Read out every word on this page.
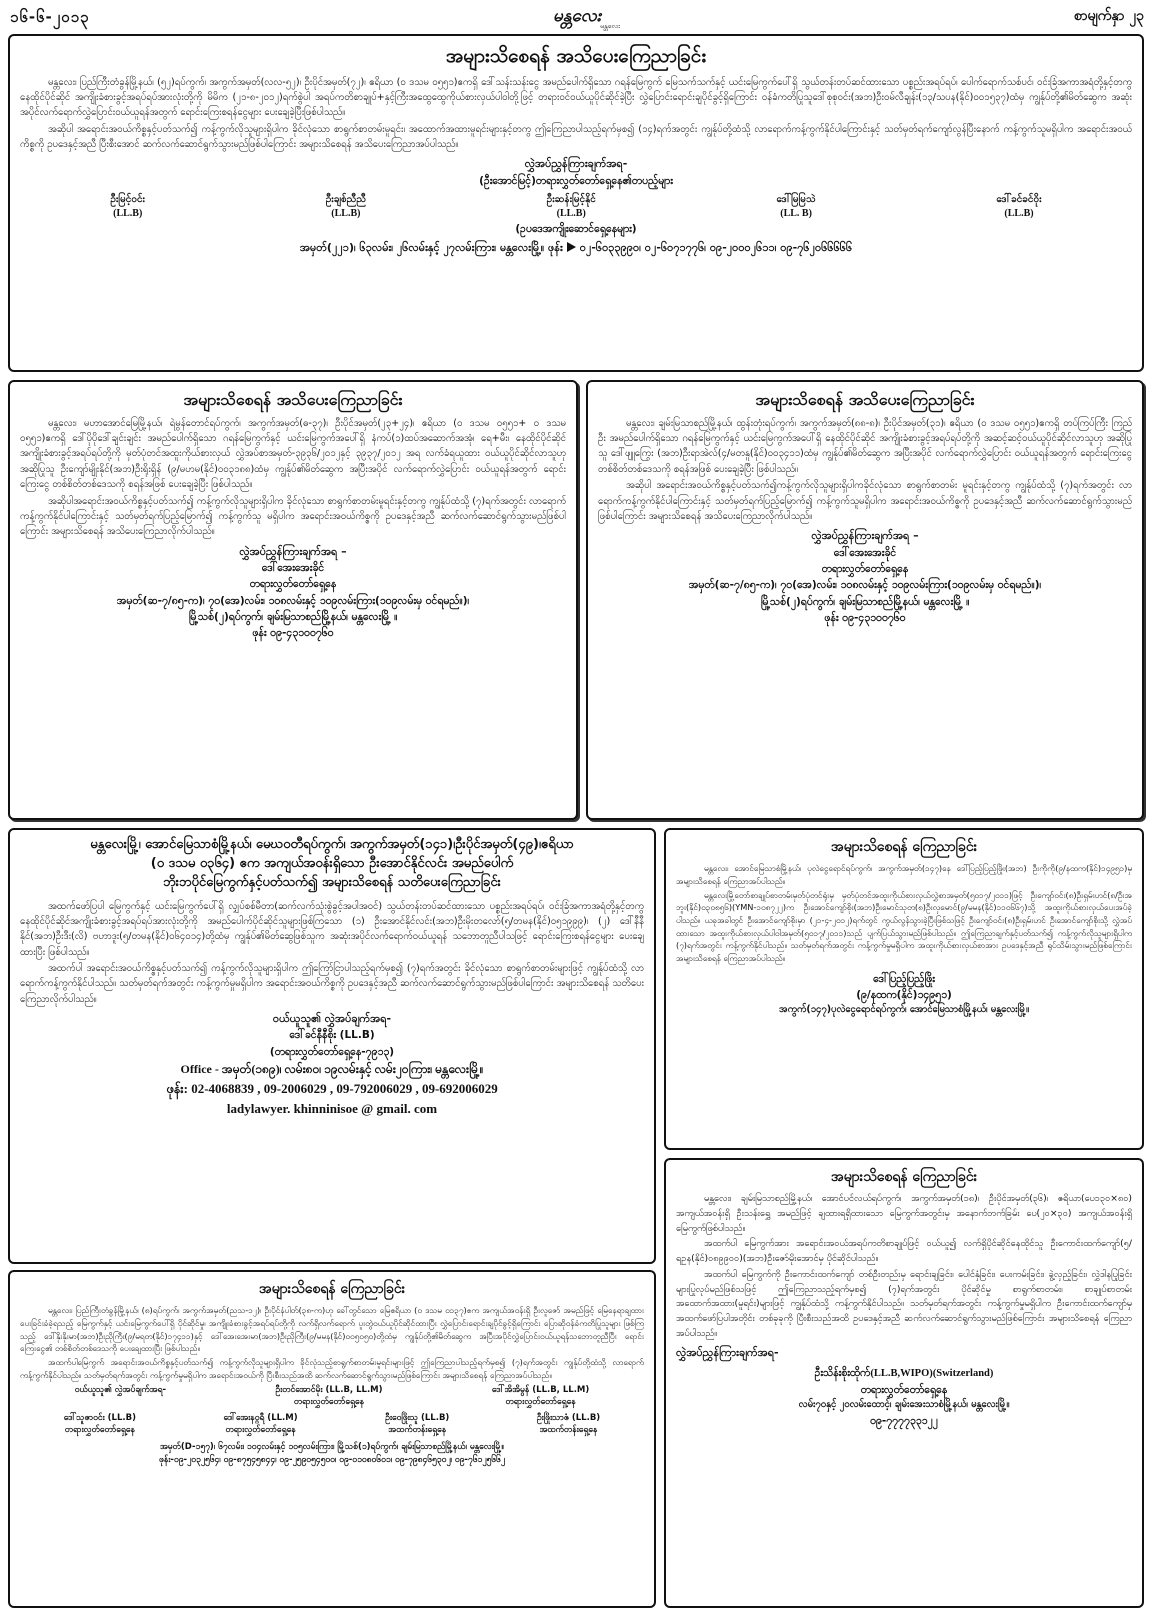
၁၆-၆-၂၀၁၃	မန္တလေး မန္တလေး
စာမျက်နှာ ၂၃
အများသိစေရန် အသိပေးကြေညာခြင်း

မန္တလေး၊ ပြည်ကြီးတံခွန်မြို့နယ်၊ (၅၂)ရပ်ကွက်၊ အကွက်အမှတ်(လလ-၅၂)၊ ဦးပိုင်အမှတ်(၇၂)၊ ဧရိယာ (၀ ဒသမ ၀၅၅၁)ဧကရှိ ဒေါ်သန်းသန်းငွေ အမည်ပေါက်ရှိသော ဂရန်မြေကွက် မြေသက်သက်နှင့် ယင်းမြေကွက်ပေါ်ရှိ သွယ်တန်းတပ်ဆင်ထားသော ပစ္စည်းအရပ်ရပ်၊ ပေါက်ရောက်သစ်ပင်၊ ဝင်းခြံအကာအရံတို့နှင့်တကွ နေထိုင်ပိုင်ဆိုင် အကျိုးခံစားခွင့်အရပ်ရပ်အားလုံးတို့ကို မိမိက (၂၁-၈-၂၀၁၂)ရက်စွဲပါ အရပ်ကတိစာချုပ်+နှင့်ကြီးအထွေထွေကိုယ်စားလှယ်ပါဝါတို့ဖြင့် တရားဝင်ဝယ်ယူပိုင်ဆိုင်ခဲ့ပြီး လွှဲပြောင်းရောင်းချပိုင်ခွင့်ရှိကြောင်း ဝန်ခံကတိပြုသူဒေါ်စုစုဝင်း(အဘ)ဦးဝမ်လီချန်း(၁၃/သပန(နိုင်)၀၀၁၅၃၇)ထံမှ ကျွန်ုပ်တို့၏မိတ်ဆွေက အဆုံးအပိုင်လက်ရောက်လွှဲပြောင်းဝယ်ယူရန်အတွက် ရောင်းကြေးစရန်ငွေများ ပေးချေခဲ့ပြီးဖြစ်ပါသည်။

အဆိုပါ အရောင်းအဝယ်ကိစ္စနှင့်ပတ်သက်၍ ကန့်ကွက်လိုသူများရှိပါက ခိုင်လုံသော စာရွက်စာတမ်းမူရင်း၊ အထောက်အထားမူရင်းများနှင့်တကွ ဤကြေညာပါသည့်ရက်မှစ၍ (၁၄)ရက်အတွင်း ကျွန်ုပ်တို့ထံသို့ လာရောက်ကန့်ကွက်နိုင်ပါကြောင်းနှင့် သတ်မှတ်ရက်ကျော်လွန်ပြီးနောက် ကန့်ကွက်သူမရှိပါက အရောင်းအဝယ်ကိစ္စကို ဥပဒေနှင့်အညီ ပြီးစီးအောင် ဆက်လက်ဆောင်ရွက်သွားမည်ဖြစ်ပါကြောင်း အများသိစေရန် အသိပေးကြေညာအပ်ပါသည်။

လွှဲအပ်ညွှန်ကြားချက်အရ-
(ဦးအောင်မြင့်)တရားလွှတ်တော်ရှေ့နေ၏တပည့်များ
ဦးမြင့်ဝင်း
(LL.B)
ဦးချစ်ညီညီ
(LL.B)
ဦးဆန်းမြင့်နိုင်
(LL.B)
ဒေါ်မြမြသဲ
(LL. B)
ဒေါ်ခင်ခင်ဝိုး
(LL.B)
(ဥပဒေအကျိုးဆောင်ရှေ့နေများ)
အမှတ်(၂၂၁)၊ ၆၃လမ်း၊ ၂၆လမ်းနှင့် ၂၇လမ်းကြား၊ မန္တလေးမြို့။ ဖုန်း ၀၂-၆၀၃၃၉၉၀၊ ၀၂-၆၀၇၁၇၇၆၊ ၀၉-၂၀၀၀၂၆၁၁၊ ၀၉-၇၆၂၀၆၆၆၆၆
အများသိစေရန် အသိပေးကြေညာခြင်း

မန္တလေး၊ မဟာအောင်မြေမြို့နယ်၊ ရဲမွန်တောင်ရပ်ကွက်၊ အကွက်အမှတ်(ဓ-၃၇)၊ ဦးပိုင်အမှတ်(၂၃+၂၄)၊ ဧရိယာ (၀ ဒသမ ၀၅၅၁+ ၀ ဒသမ ၀၅၅၁)ဧကရှိ ဒေါ်ပိုပိုဒေါ်ချင်းချင်း အမည်ပေါက်ရှိသော ဂရန်မြေကွက်နှင့် ယင်းမြေကွက်အပေါ်ရှိ နံကပ်(၁)ထပ်အဆောက်အအုံ၊ ရေ+မီး၊ နေထိုင်ပိုင်ဆိုင် အကျိုးခံစားခွင့်အရပ်ရပ်တို့ကို မှတ်ပုံတင်အထူးကိုယ်စားလှယ် လွှဲအပ်စာအမှတ်-၃၉၃၆/၂၀၁၂နှင့် ၃၉၃၇/၂၀၁၂ အရ လက်ခံရယူထား ဝယ်ယူပိုင်ဆိုင်လာသူဟု အဆိုပြုသူ ဦးကျော်မျိုးနိုင်(အဘ)ဦးရိုးရှိန် (၉/မဟမ(နိုင်)၀၀၃၁၈၈)ထံမှ ကျွန်ုပ်၏မိတ်ဆွေက အပြီးအပိုင် လက်ရောက်လွှဲပြောင်း ဝယ်ယူရန်အတွက် ရောင်းကြေးငွေ တစ်စိတ်တစ်ဒေသကို စရန်အဖြစ် ပေးချေခဲ့ပြီး ဖြစ်ပါသည်။

အဆိုပါအရောင်းအဝယ်ကိစ္စနှင့်ပတ်သက်၍ ကန့်ကွက်လိုသူများရှိပါက ခိုင်လုံသော စာရွက်စာတမ်းမူရင်းနှင့်တကွ ကျွန်ုပ်ထံသို့ (၇)ရက်အတွင်း လာရောက်ကန့်ကွက်နိုင်ပါကြောင်းနှင့် သတ်မှတ်ရက်ပြည့်မြောက်၍ ကန့်ကွက်သူ မရှိပါက အရောင်းအဝယ်ကိစ္စကို ဥပဒေနှင့်အညီ ဆက်လက်ဆောင်ရွက်သွားမည်ဖြစ်ပါကြောင်း အများသိစေရန် အသိပေးကြေညာလိုက်ပါသည်။

လွှဲအပ်ညွှန်ကြားချက်အရ –
ဒေါ်အေးအေးခိုင်
တရားလွှတ်တော်ရှေ့နေ
အမှတ်(ဆ-၇/၈၅-က)၊ ၇၀(အေ)လမ်း၊ ၁၀၈လမ်းနှင့် ၁၀၉လမ်းကြား(၁၀၉လမ်းမှ ဝင်ရမည်။)၊
မြို့သစ်(၂)ရပ်ကွက်၊ ချမ်းမြသာစည်မြို့နယ်၊ မန္တလေးမြို့ ။
ဖုန်း ၀၉-၄၃၁၀၀၇၆၀
အများသိစေရန် အသိပေးကြေညာခြင်း

မန္တလေး၊ ချမ်းမြသာစည်မြို့နယ်၊ ထွန်းတုံးရပ်ကွက်၊ အကွက်အမှတ်(၈၈-၈)၊ ဦးပိုင်အမှတ်(၃၁)၊ ဧရိယာ (၀ ဒသမ ၀၅၅၁)ဧကရှိ တပ်ကြပ်ကြီး ကြည်ဦး အမည်ပေါက်ရှိသော ဂရန်မြေကွက်နှင့် ယင်းမြေကွက်အပေါ်ရှိ နေထိုင်ပိုင်ဆိုင် အကျိုးခံစားခွင့်အရပ်ရပ်တို့ကို အဆင့်ဆင့်ဝယ်ယူပိုင်ဆိုင်လာသူဟု အဆိုပြုသူ ဒေါ်ဖျူကြွေး (အဘ)ဦးရာအဲလ်(၄/မတနူ(နိုင်)၀၀၃၄၁၁)ထံမှ ကျွန်ုပ်၏မိတ်ဆွေက အပြီးအပိုင် လက်ရောက်လွှဲပြောင်း ဝယ်ယူရန်အတွက် ရောင်းကြေးငွေ တစ်စိတ်တစ်ဒေသကို စရန်အဖြစ် ပေးချေခဲ့ပြီး ဖြစ်ပါသည်။

အဆိုပါ အရောင်းအဝယ်ကိစ္စနှင့်ပတ်သက်၍ကန့်ကွက်လိုသူများရှိပါကခိုင်လုံသော စာရွက်စာတမ်း မူရင်းနှင့်တကွ ကျွန်ုပ်ထံသို့ (၇)ရက်အတွင်း လာရောက်ကန့်ကွက်နိုင်ပါကြောင်းနှင့် သတ်မှတ်ရက်ပြည့်မြောက်၍ ကန့်ကွက်သူမရှိပါက အရောင်းအဝယ်ကိစ္စကို ဥပဒေနှင့်အညီ ဆက်လက်ဆောင်ရွက်သွားမည် ဖြစ်ပါကြောင်း အများသိစေရန် အသိပေးကြေညာလိုက်ပါသည်။

လွှဲအပ်ညွှန်ကြားချက်အရ –
ဒေါ်အေးအေးခိုင်
တရားလွှတ်တော်ရှေ့နေ
အမှတ်(ဆ-၇/၈၅-က)၊ ၇၀(အေ)လမ်း၊ ၁၀၈လမ်းနှင့် ၁၀၉လမ်းကြား(၁၀၉လမ်းမှ ဝင်ရမည်။)၊
မြို့သစ်(၂)ရပ်ကွက်၊ ချမ်းမြသာစည်မြို့နယ်၊ မန္တလေးမြို့ ။
ဖုန်း ၀၉-၄၃၁၀၀၇၆၀
မန္တလေးမြို့၊ အောင်မြေသာစံမြို့နယ်၊ မေဃဝတီရပ်ကွက်၊ အကွက်အမှတ်(၁၄၁)၊ဦးပိုင်အမှတ်(၄၉)၊ဧရိယာ
(၀ ဒသမ ၀၃၆၄) ဧက အကျယ်အဝန်းရှိသော ဦးအောင်နိုင်လင်း အမည်ပေါက်
ဘိုးဘပိုင်မြေကွက်နှင့်ပတ်သက်၍ အများသိစေရန် သတိပေးကြေညာခြင်း

အထက်ဖော်ပြပါ မြေကွက်နှင့် ယင်းမြေကွက်ပေါ်ရှိ လျှပ်စစ်မီတာ(ဆက်လက်သုံးစွဲခွင့်အပါအဝင်) သွယ်တန်းတပ်ဆင်ထားသော ပစ္စည်းအရပ်ရပ်၊ ဝင်းခြံအကာအရံတို့နှင့်တကွ နေထိုင်ပိုင်ဆိုင်အကျိုးခံစားခွင့်အရပ်ရပ်အားလုံးတို့ကို အမည်ပေါက်ပိုင်ဆိုင်သူများဖြစ်ကြသော (၁) ဦးအောင်နိုင်လင်း(အဘ)ဦးမိုးတလော်(၅/တမန(နိုင်)၀၅၁၉၉၉)၊ (၂) ဒေါ်နီနီနိုင်(အဘ)ဦးဒီး(လိ) ဗဟာဒူး(၅/တမန(နိုင်)၀၆၄၀၁၄)တို့ထံမှ ကျွန်ုပ်၏မိတ်ဆွေဖြစ်သူက အဆုံးအပိုင်လက်ရောက်ဝယ်ယူရန် သဘောတူညီပါသဖြင့် ရောင်းကြေးစရန်ငွေများ ပေးချေထားပြီး ဖြစ်ပါသည်။

အထက်ပါ အရောင်းအဝယ်ကိစ္စနှင့်ပတ်သက်၍ ကန့်ကွက်လိုသူများရှိပါက ဤကြော်ငြာပါသည့်ရက်မှစ၍ (၇)ရက်အတွင်း ခိုင်လုံသော စာရွက်စာတမ်းများဖြင့် ကျွန်ုပ်ထံသို့ လာရောက်ကန့်ကွက်နိုင်ပါသည်။ သတ်မှတ်ရက်အတွင်း ကန့်ကွက်မှုမရှိပါက အရောင်းအဝယ်ကိစ္စကို ဥပဒေနှင့်အညီ ဆက်လက်ဆောင်ရွက်သွားမည်ဖြစ်ပါကြောင်း အများသိစေရန် သတိပေးကြေညာလိုက်ပါသည်။

ဝယ်ယူသူ၏ လွှဲအပ်ချက်အရ-
ဒေါ်ခင်နီနီစိုး (LL.B)
(တရားလွှတ်တော်ရှေ့နေ-၇၉၁၃)
Office - အမှတ်(၁၈၉)၊ လမ်း၈၀၊ ၁၉လမ်းနှင့် လမ်း၂၀ကြား၊ မန္တလေးမြို့။
ဖုန်း: 02-4068839 , 09-2006029 , 09-792006029 , 09-692006029
ladylawyer. khinninisoe @ gmail. com
အများသိစေရန် ကြေညာခြင်း

မန္တလေး၊ ပြည်ကြီးတံခွန်မြို့နယ်၊ (၈)ရပ်ကွက်၊ အကွက်အမှတ်(ညသ-၁၂)၊ ဦးပိုင်နံပါတ်(၃၈-က)ဟု ခေါ်တွင်သော မြေဧရိယာ (၀ ဒသမ ၀၁၃၇)ဧက အကျယ်အဝန်းရှိ ဦးလူဇော် အမည်ဖြင့် မြေနေရာချထားပေးခြင်းခံခဲ့ရသည့် မြေကွက်နှင့် ယင်းမြေကွက်ပေါ်ရှိ ပိုင်ဆိုင်မှု၊ အကျိုးခံစားခွင့်အရပ်ရပ်တို့ကို လက်ရှိလက်ရောက် ပူးတွဲဝယ်ယူပိုင်ဆိုင်ထားပြီး လွှဲပြောင်းရောင်းချပိုင်ခွင့်ရှိကြောင်း ပြောဆိုဝန်ခံကတိပြုသူများ ဖြစ်ကြသည့် ဒေါ်နိုးနိုးမာ(အဘ)ဦးညိုကြီး(၉/မရတ(နိုင်)၁၇၄၁၁)နှင့် ဒေါ်အေးအေးမာ(အဘ)ဦးညိုကြီး(၉/မမန(နိုင်)၀၀၅၀၅၀)တို့ထံမှ ကျွန်ုပ်တို့၏မိတ်ဆွေက အပြီးအပိုင်လွှဲပြောင်းဝယ်ယူရန်သဘောတူညီပြီး ရောင်းကြေးငွေ၏ တစ်စိတ်တစ်ဒေသကို ပေးချေထားပြီး ဖြစ်ပါသည်။

အထက်ပါမြေကွက် အရောင်းအဝယ်ကိစ္စနှင့်ပတ်သက်၍ ကန့်ကွက်လိုသူများရှိပါက ခိုင်လုံသည့်စာရွက်စာတမ်းမူရင်းများဖြင့် ဤကြေညာပါသည့်ရက်မှစ၍ (၇)ရက်အတွင်း ကျွန်ုပ်တို့ထံသို့ လာရောက်ကန့်ကွက်နိုင်ပါသည်။ သတ်မှတ်ရက်အတွင်း ကန့်ကွက်မှုမရှိပါက အရောင်းအဝယ်ကို ပြီးစီးသည်အထိ ဆက်လက်ဆောင်ရွက်သွားမည်ဖြစ်ကြောင်း အများသိစေရန် ကြေညာအပ်ပါသည်။

ဝယ်ယူသူ၏ လွှဲအပ်ချက်အရ-	ဦးတင်အောင်မိုး (LL.B, LL.M)
တရားလွှတ်တော်ရှေ့နေ
ဒေါ်အိအိမွန် (LL.B, LL.M)
တရားလွှတ်တော်ရှေ့နေ
ဒေါ်သူဇာဝင်း (LL.B)
တရားလွှတ်တော်ရှေ့နေ
ဒေါ်အေးနဝ္ဂရီ (LL.M)
တရားလွှတ်တော်ရှေ့နေ
ဦးဝေဖြိုးသူ (LL.B)
အထက်တန်းရှေ့နေ
ဦးဖြိုးသာဇံ (LL.B)
အထက်တန်းရှေ့နေ
အမှတ်(D-၁၅၇)၊ ၆၇လမ်း၊ ၁၀၄လမ်းနှင့် ၁၀၅လမ်းကြား၊ မြို့သစ်(၁)ရပ်ကွက်၊ ချမ်းမြသာစည်မြို့နယ်၊ မန္တလေးမြို့။
ဖုန်း-၀၉-၂၀၃၂၅၆၄၊ ၀၉-၈၇၅၄၅၈၄၄၊ ၀၉-၂၅၉၀၅၄၅၀၀၊ ၀၉-၀၁၀၈၀၆၀၁၊ ၀၉-၇၉၈၄၆၅၃၀၂၊ ၀၉-၇၆၁၂၅၆၆၂
အများသိစေရန် ကြေညာခြင်း

မန္တလေး၊ အောင်မြေသာစံမြို့နယ်၊ ပုလဲငွေရောင်ရပ်ကွက်၊ အကွက်အမှတ်(၁၄၇)နေ ဒေါ်ပြည့်ပြည့်ဖြိုး(အဘ) ဦးကိုကို(၉/နထက(နိုင်)၁၄၉၅၁)မှ အများသိစေရန် ကြေညာအပ်ပါသည်။

မန္တလေးမြို့တော်စာချုပ်စာတမ်းမှတ်ပုံတင်ရုံးမှ မှတ်ပုံတင်အထူးကိုယ်စားလှယ်လွှဲစာအမှတ်(၅၀၁၇/၂၀၁၁)ဖြင့် ဦးကျော်ဝင်း(၈)ဦးရှမ်းဟင်(၈/ဦးအဘူး(နိုင်)၀၃၀၈၅၆)(YMN-၁၀၈၇၂၂)က ဦးအောင်ကျော်စိုး(အဘ)ဦးမောင်သုတ(၈)ဦးလှမောင်(၉/မမန(နိုင်)၁၁၀၆၆၇)သို့ အထူးကိုယ်စားလှယ်ပေးအပ်ခဲ့ပါသည်။ ယခုအခါတွင် ဦးအောင်ကျော်စိုးမှာ (၂၁-၄-၂၀၁၂)ရက်တွင် ကွယ်လွန်သွားခဲ့ပြီးဖြစ်သဖြင့် ဦးကျော်ဝင်း(၈)ဦးရှမ်းဟင် ဦးအောင်ကျော်စိုးသို့ လွှဲအပ်ထားသော အထူးကိုယ်စားလှယ်ပါဝါအမှတ်(၅၀၁၇/၂၀၁၁)သည် ပျက်ပြယ်သွားမည်ဖြစ်ပါသည်။ ဤကြေညာချက်နှင့်ပတ်သက်၍ ကန့်ကွက်လိုသူများရှိပါက (၇)ရက်အတွင်း ကန့်ကွက်နိုင်ပါသည်။ သတ်မှတ်ရက်အတွင်း ကန့်ကွက်မှုမရှိပါက အထူးကိုယ်စားလှယ်စာအား ဥပဒေနှင့်အညီ ရုပ်သိမ်းသွားမည်ဖြစ်ကြောင်း အများသိစေရန် ကြေညာအပ်ပါသည်။

ဒေါ်ပြည့်ပြည့်ဖြိုး
(၉/နထက(နိုင်)၁၄၉၅၁)
အကွက်(၁၄၇)ပုလဲငွေရောင်ရပ်ကွက်၊ အောင်မြေသာစံမြို့နယ်၊ မန္တလေးမြို့။
အများသိစေရန် ကြေညာခြင်း

မန္တလေး၊ ချမ်းမြသာစည်မြို့နယ်၊ အောင်ပင်လယ်ရပ်ကွက်၊ အကွက်အမှတ်(၁၈)၊ ဦးပိုင်အမှတ်(၃၆)၊ ဧရိယာ(ပေ၁၃၀×၈၀) အကျယ်အဝန်းရှိ ဦးသန်းရွှေ အမည်ဖြင့် ချထားရရှိထားသော မြေကွက်အတွင်းမှ အနောက်ဘက်ခြမ်း ပေ(၂၀×၃၀) အကျယ်အဝန်းရှိ မြေကွက်ဖြစ်ပါသည်။

အထက်ပါ မြေကွက်အား အရောင်းအဝယ်အရပ်ကတိစာချုပ်ဖြင့် ဝယ်ယူ၍ လက်ရှိပိုင်ဆိုင်နေထိုင်သူ ဦးကောင်းထက်ကျော်(၅/ရဥန(နိုင်)၀၈၉၉၀၀)(အဘ)ဦးဇော်မိုးအောင်မှ ပိုင်ဆိုင်ပါသည်။

အထက်ပါ မြေကွက်ကို ဦးကောင်းထက်ကျော် တစ်ဦးတည်းမှ ရောင်းချခြင်း၊ ပေါင်နှံခြင်း၊ ပေးကမ်းခြင်း၊ ခွဲ့လှည့်ခြင်း၊ လွှဲဒါနပြုခြင်းများပြုလုပ်မည်ဖြစ်သဖြင့် ဤကြေညာသည့်ရက်မှစ၍ (၇)ရက်အတွင်း ပိုင်ဆိုင်မှု စာရွက်စာတမ်း၊ စာချုပ်စာတမ်း အထောက်အထား(မူရင်း)များဖြင့် ကျွန်ုပ်ထံသို့ ကန့်ကွက်နိုင်ပါသည်။ သတ်မှတ်ရက်အတွင်း ကန့်ကွက်မှုမရှိပါက ဦးကောင်းထက်ကျော်မှ အထက်ဖော်ပြပါအတိုင်း တစ်ခုခုကို ပြီးစီးသည်အထိ ဥပဒေနှင့်အညီ ဆက်လက်ဆောင်ရွက်သွားမည်ဖြစ်ကြောင်း အများသိစေရန် ကြေညာအပ်ပါသည်။

လွှဲအပ်ညွှန်ကြားချက်အရ-
ဦးသိန်းစိုးထိုက်(LL.B,WIPO)(Switzerland)
တရားလွှတ်တော်ရှေ့နေ
လမ်း၇၀နှင့် ၂၀လမ်းထောင့်၊ ချမ်းအေးသာစံမြို့နယ်၊ မန္တလေးမြို့။
၀၉-၇၇၇၇၃၃၁၂၂
